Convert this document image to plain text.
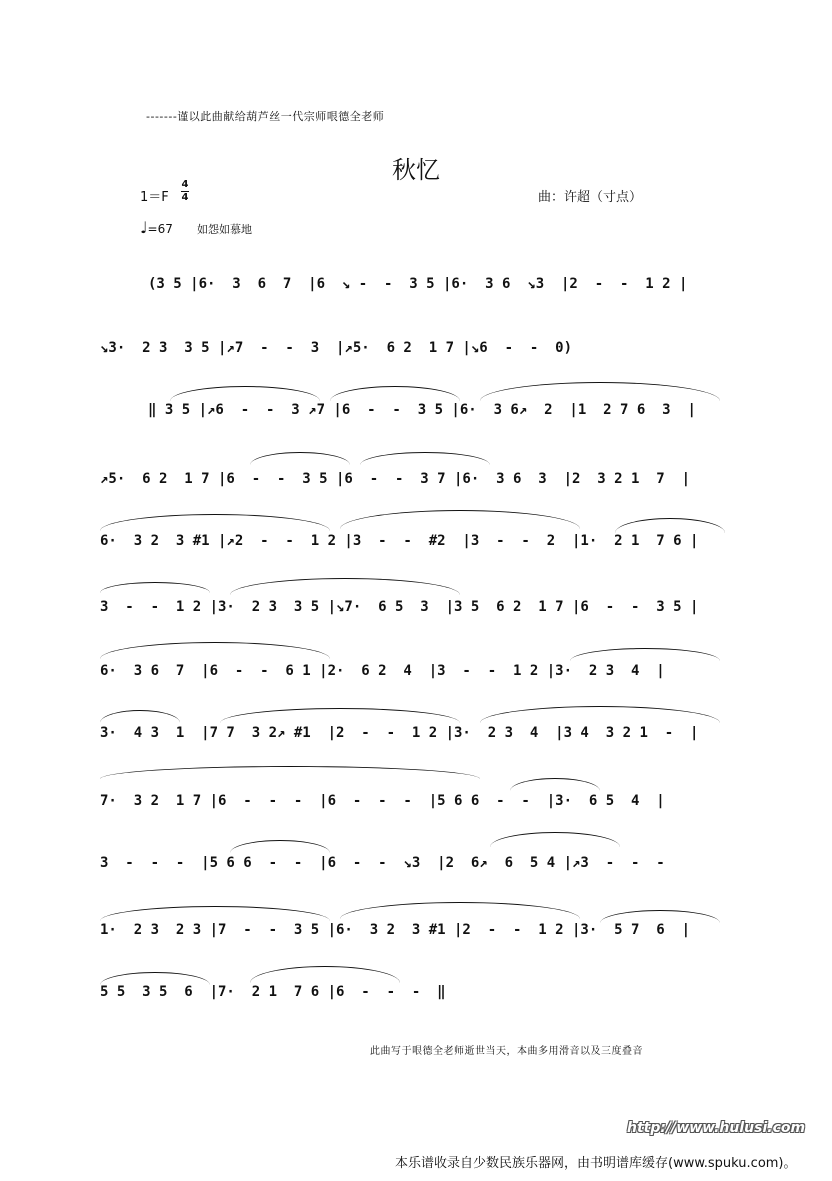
-------谨以此曲献给葫芦丝一代宗师哏德全老师
秋忆
1＝F
4
4	曲：许超（寸点）
♩=67 如怨如慕地
(3 5 |6·  3  6  7  |6  ↘ -  -  3 5 |6·  3 6  ↘3  |2  -  -  1 2 |
↘3·  2 3  3 5 |↗7  -  -  3  |↗5·  6 2  1 7 |↘6  -  -  0)
‖ 3 5 |↗6  -  -  3 ↗7 |6  -  -  3 5 |6·  3 6↗  2  |1  2 7 6  3  |
↗5·  6 2  1 7 |6  -  -  3 5 |6  -  -  3 7 |6·  3 6  3  |2  3 2 1  7  |
6·  3 2  3 #1 |↗2  -  -  1 2 |3  -  -  #2  |3  -  -  2  |1·  2 1  7 6 |
3  -  -  1 2 |3·  2 3  3 5 |↘7·  6 5  3  |3 5  6 2  1 7 |6  -  -  3 5 |
6·  3 6  7  |6  -  -  6 1 |2·  6 2  4  |3  -  -  1 2 |3·  2 3  4  |
3·  4 3  1  |7 7  3 2↗ #1  |2  -  -  1 2 |3·  2 3  4  |3 4  3 2 1  -  |
7·  3 2  1 7 |6  -  -  -  |6  -  -  -  |5 6 6  -  -  |3·  6 5  4  |
3  -  -  -  |5 6 6  -  -  |6  -  -  ↘3  |2  6↗  6  5 4 |↗3  -  -  -
1·  2 3  2 3 |7  -  -  3 5 |6·  3 2  3 #1 |2  -  -  1 2 |3·  5 7  6  |
5 5  3 5  6  |7·  2 1  7 6 |6  -  -  -  ‖
此曲写于哏德全老师逝世当天，本曲多用滑音以及三度叠音
http://www.hulusi.com
本乐谱收录自少数民族乐器网，由书明谱库缓存(www.spuku.com)。
